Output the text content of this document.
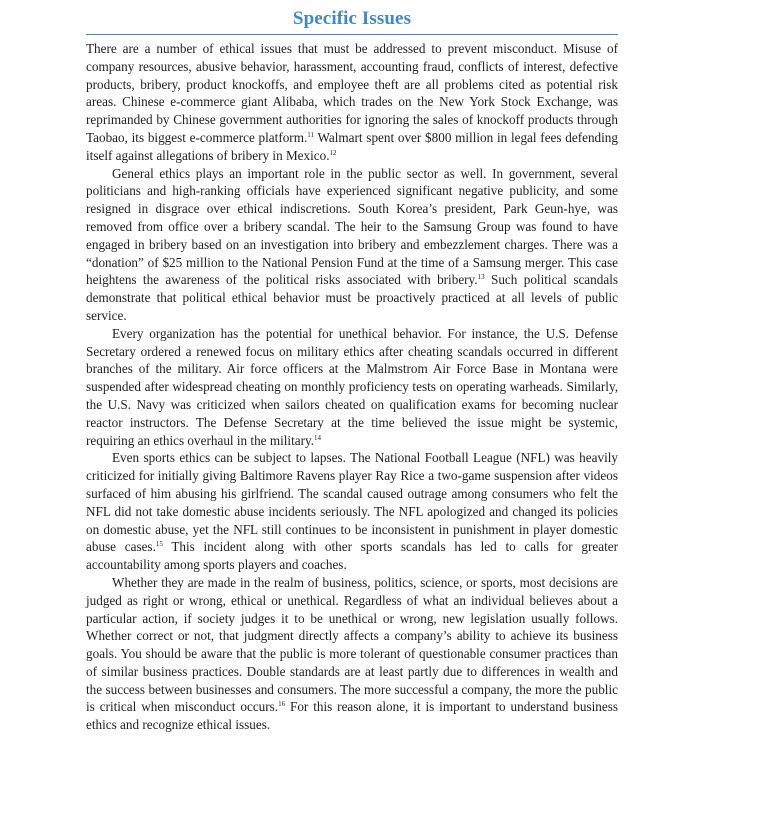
Specific Issues

There are a number of ethical issues that must be addressed to prevent misconduct. Misuse of company resources, abusive behavior, harassment, accounting fraud, conflicts of interest, defective products, bribery, product knockoffs, and employee theft are all problems cited as potential risk areas. Chinese e-commerce giant Alibaba, which trades on the New York Stock Exchange, was reprimanded by Chinese government authorities for ignoring the sales of knockoff products through Taobao, its biggest e-commerce platform.$^{11}$ Walmart spent over $800 million in legal fees defending itself against allegations of bribery in Mexico.$^{12}$

General ethics plays an important role in the public sector as well. In government, several politicians and high-ranking officials have experienced significant negative publicity, and some resigned in disgrace over ethical indiscretions. South Korea’s president, Park Geun-hye, was removed from office over a bribery scandal. The heir to the Samsung Group was found to have engaged in bribery based on an investigation into bribery and embezzlement charges. There was a “donation” of $25 million to the National Pension Fund at the time of a Samsung merger. This case heightens the awareness of the political risks associated with bribery.$^{13}$ Such political scandals demonstrate that political ethical behavior must be proactively practiced at all levels of public service.

Every organization has the potential for unethical behavior. For instance, the U.S. Defense Secretary ordered a renewed focus on military ethics after cheating scandals occurred in different branches of the military. Air force officers at the Malmstrom Air Force Base in Montana were suspended after widespread cheating on monthly proficiency tests on operating warheads. Similarly, the U.S. Navy was criticized when sailors cheated on qualification exams for becoming nuclear reactor instructors. The Defense Secretary at the time believed the issue might be systemic, requiring an ethics overhaul in the military.$^{14}$

Even sports ethics can be subject to lapses. The National Football League (NFL) was heavily criticized for initially giving Baltimore Ravens player Ray Rice a two-game suspension after videos surfaced of him abusing his girlfriend. The scandal caused outrage among consumers who felt the NFL did not take domestic abuse incidents seriously. The NFL apologized and changed its policies on domestic abuse, yet the NFL still continues to be inconsistent in punishment in player domestic abuse cases.$^{15}$ This incident along with other sports scandals has led to calls for greater accountability among sports players and coaches.

Whether they are made in the realm of business, politics, science, or sports, most decisions are judged as right or wrong, ethical or unethical. Regardless of what an individual believes about a particular action, if society judges it to be unethical or wrong, new legislation usually follows. Whether correct or not, that judgment directly affects a company’s ability to achieve its business goals. You should be aware that the public is more tolerant of questionable consumer practices than of similar business practices. Double standards are at least partly due to differences in wealth and the success between businesses and consumers. The more successful a company, the more the public is critical when misconduct occurs.$^{16}$ For this reason alone, it is important to understand business ethics and recognize ethical issues.
